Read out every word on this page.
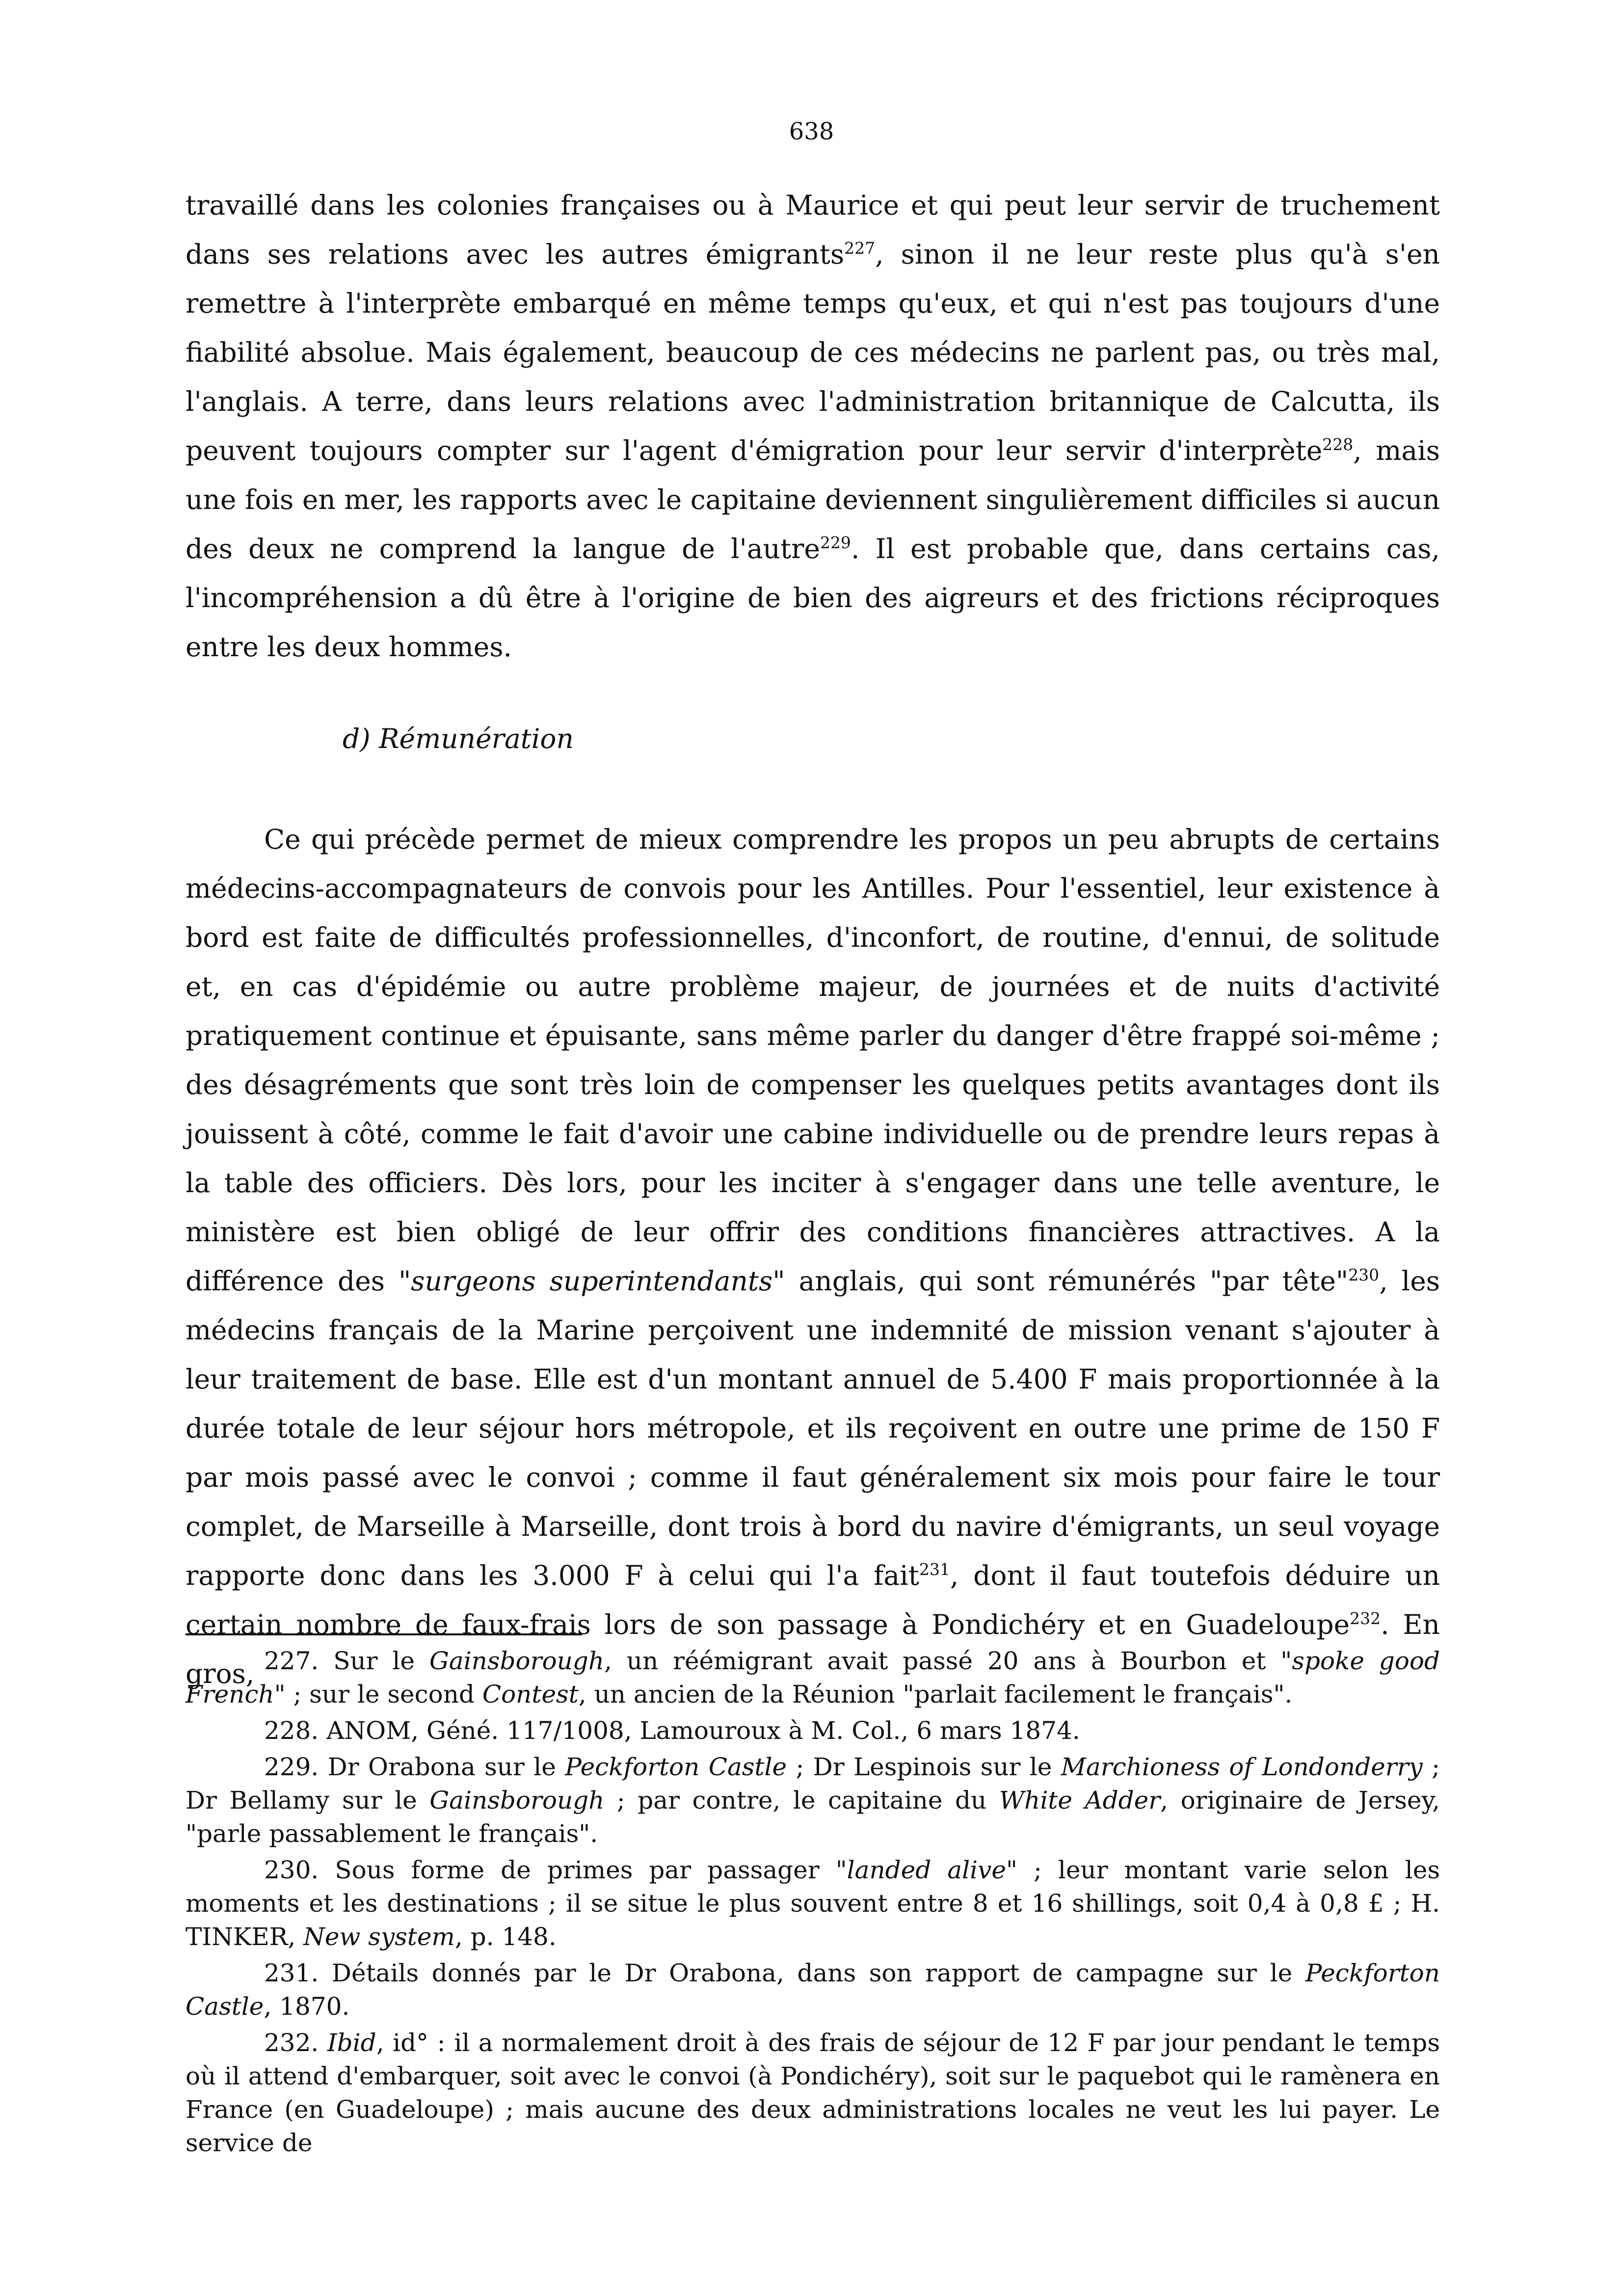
638

travaillé dans les colonies françaises ou à Maurice et qui peut leur servir de truchement dans ses relations avec les autres émigrants$^{227}$, sinon il ne leur reste plus qu'à s'en remettre à l'interprète embarqué en même temps qu'eux, et qui n'est pas toujours d'une fiabilité absolue. Mais également, beaucoup de ces médecins ne parlent pas, ou très mal, l'anglais. A terre, dans leurs relations avec l'administration britannique de Calcutta, ils peuvent toujours compter sur l'agent d'émigration pour leur servir d'interprète$^{228}$, mais une fois en mer, les rapports avec le capitaine deviennent singulièrement difficiles si aucun des deux ne comprend la langue de l'autre$^{229}$. Il est probable que, dans certains cas, l'incompréhension a dû être à l'origine de bien des aigreurs et des frictions réciproques entre les deux hommes.

d) Rémunération

Ce qui précède permet de mieux comprendre les propos un peu abrupts de certains médecins-accompagnateurs de convois pour les Antilles. Pour l'essentiel, leur existence à bord est faite de difficultés professionnelles, d'inconfort, de routine, d'ennui, de solitude et, en cas d'épidémie ou autre problème majeur, de journées et de nuits d'activité pratiquement continue et épuisante, sans même parler du danger d'être frappé soi-même ; des désagréments que sont très loin de compenser les quelques petits avantages dont ils jouissent à côté, comme le fait d'avoir une cabine individuelle ou de prendre leurs repas à la table des officiers. Dès lors, pour les inciter à s'engager dans une telle aventure, le ministère est bien obligé de leur offrir des conditions financières attractives. A la différence des "surgeons superintendants" anglais, qui sont rémunérés "par tête"$^{230}$, les médecins français de la Marine perçoivent une indemnité de mission venant s'ajouter à leur traitement de base. Elle est d'un montant annuel de 5.400 F mais proportionnée à la durée totale de leur séjour hors métropole, et ils reçoivent en outre une prime de 150 F par mois passé avec le convoi ; comme il faut généralement six mois pour faire le tour complet, de Marseille à Marseille, dont trois à bord du navire d'émigrants, un seul voyage rapporte donc dans les 3.000 F à celui qui l'a fait$^{231}$, dont il faut toutefois déduire un certain nombre de faux-frais lors de son passage à Pondichéry et en Guadeloupe$^{232}$. En gros, 227. Sur le Gainsborough, un réémigrant avait passé 20 ans à Bourbon et "spoke good French" ; sur le second Contest, un ancien de la Réunion "parlait facilement le français".

228. ANOM, Géné. 117/1008, Lamouroux à M. Col., 6 mars 1874.

229. Dr Orabona sur le Peckforton Castle ; Dr Lespinois sur le Marchioness of Londonderry ; Dr Bellamy sur le Gainsborough ; par contre, le capitaine du White Adder, originaire de Jersey, "parle passablement le français".

230. Sous forme de primes par passager "landed alive" ; leur montant varie selon les moments et les destinations ; il se situe le plus souvent entre 8 et 16 shillings, soit 0,4 à 0,8 £ ; H. TINKER, New system, p. 148.

231. Détails donnés par le Dr Orabona, dans son rapport de campagne sur le Peckforton Castle, 1870.

232. Ibid, id° : il a normalement droit à des frais de séjour de 12 F par jour pendant le temps où il attend d'embarquer, soit avec le convoi (à Pondichéry), soit sur le paquebot qui le ramènera en France (en Guadeloupe) ; mais aucune des deux administrations locales ne veut les lui payer. Le service de
